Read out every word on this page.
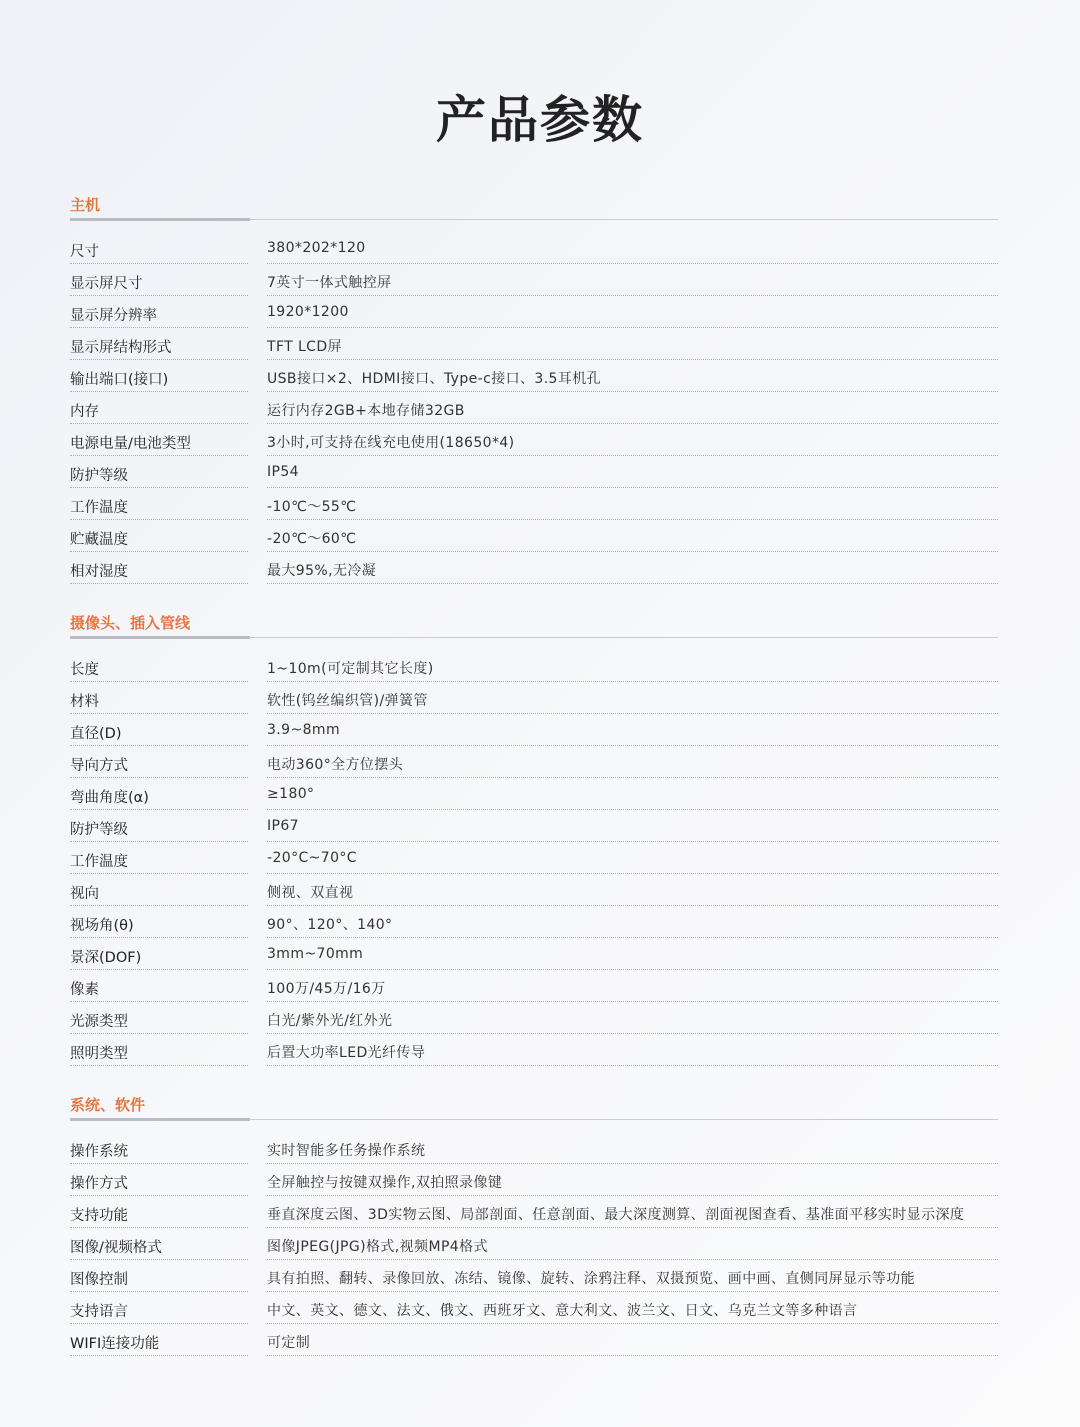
产品参数
主机
尺寸	380*202*120
显示屏尺寸	7英寸一体式触控屏
显示屏分辨率	1920*1200
显示屏结构形式	TFT LCD屏
输出端口(接口)	USB接口×2、HDMI接口、Type-c接口、3.5耳机孔
内存	运行内存2GB+本地存储32GB
电源电量/电池类型	3小时,可支持在线充电使用(18650*4)
防护等级	IP54
工作温度	-10℃～55℃
贮藏温度	-20℃～60℃
相对湿度	最大95%,无冷凝
摄像头、插入管线
长度	1~10m(可定制其它长度)
材料	软性(钨丝编织管)/弹簧管
直径(D)	3.9~8mm
导向方式	电动360°全方位摆头
弯曲角度(α)	≥180°
防护等级	IP67
工作温度	-20°C~70°C
视向	侧视、双直视
视场角(θ)	90°、120°、140°
景深(DOF)	3mm~70mm
像素	100万/45万/16万
光源类型	白光/紫外光/红外光
照明类型	后置大功率LED光纤传导
系统、软件
操作系统	实时智能多任务操作系统
操作方式	全屏触控与按键双操作,双拍照录像键
支持功能	垂直深度云图、3D实物云图、局部剖面、任意剖面、最大深度测算、剖面视图查看、基准面平移实时显示深度
图像/视频格式	图像JPEG(JPG)格式,视频MP4格式
图像控制	具有拍照、翻转、录像回放、冻结、镜像、旋转、涂鸦注释、双摄预览、画中画、直侧同屏显示等功能
支持语言	中文、英文、德文、法文、俄文、西班牙文、意大利文、波兰文、日文、乌克兰文等多种语言
WIFI连接功能	可定制
